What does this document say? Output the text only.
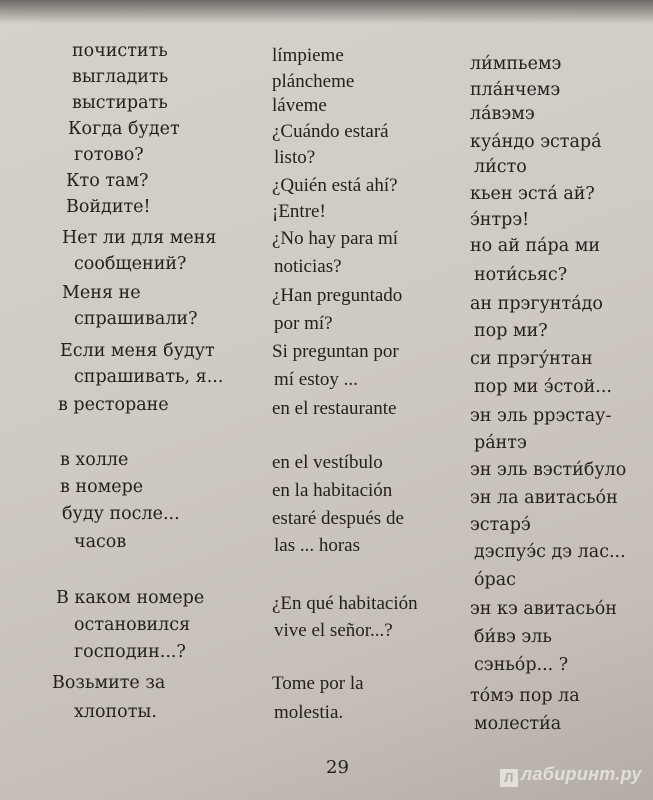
почистить
выгладить
выстирать
Когда будет
готово?
Кто там?
Войдите!
Нет ли для меня
сообщений?
Меня не
спрашивали?
Если меня будут
спрашивать, я...
в ресторане
в холле
в номере
буду после...
часов
В каком номере
остановился
господин...?
Возьмите за
хлопоты.
límpieme
plánchemе
láveme
¿Cuándo estará
listo?
¿Quién está ahí?
¡Entre!
¿No hay para mí
noticias?
¿Han preguntado
por mí?
Si preguntan por
mí estoy ...
en el restaurante
en el vestíbulo
en la habitación
estaré después de
las ... horas
¿En qué habitación
vive el señor...?
Tome por la
molestia.
ли́мпьемэ
пла́нчемэ
ла́вэмэ
куа́ндо эстара́
ли́сто
кьен эста́ ай?
э́нтрэ!
но ай па́ра ми
нoти́сьяс?
ан прэгунта́до
пор ми?
си прэгу́нтан
пор ми э́стой...
эн эль ррэстау-
ра́нтэ
эн эль вэсти́було
эн ла авитасьо́н
эстарэ́
дэспуэ́с дэ лас...
о́рас
эн кэ авитасьо́н
би́вэ эль
сэньо́р... ?
то́мэ пор ла
молести́а
29	Л лабиринт.ру
